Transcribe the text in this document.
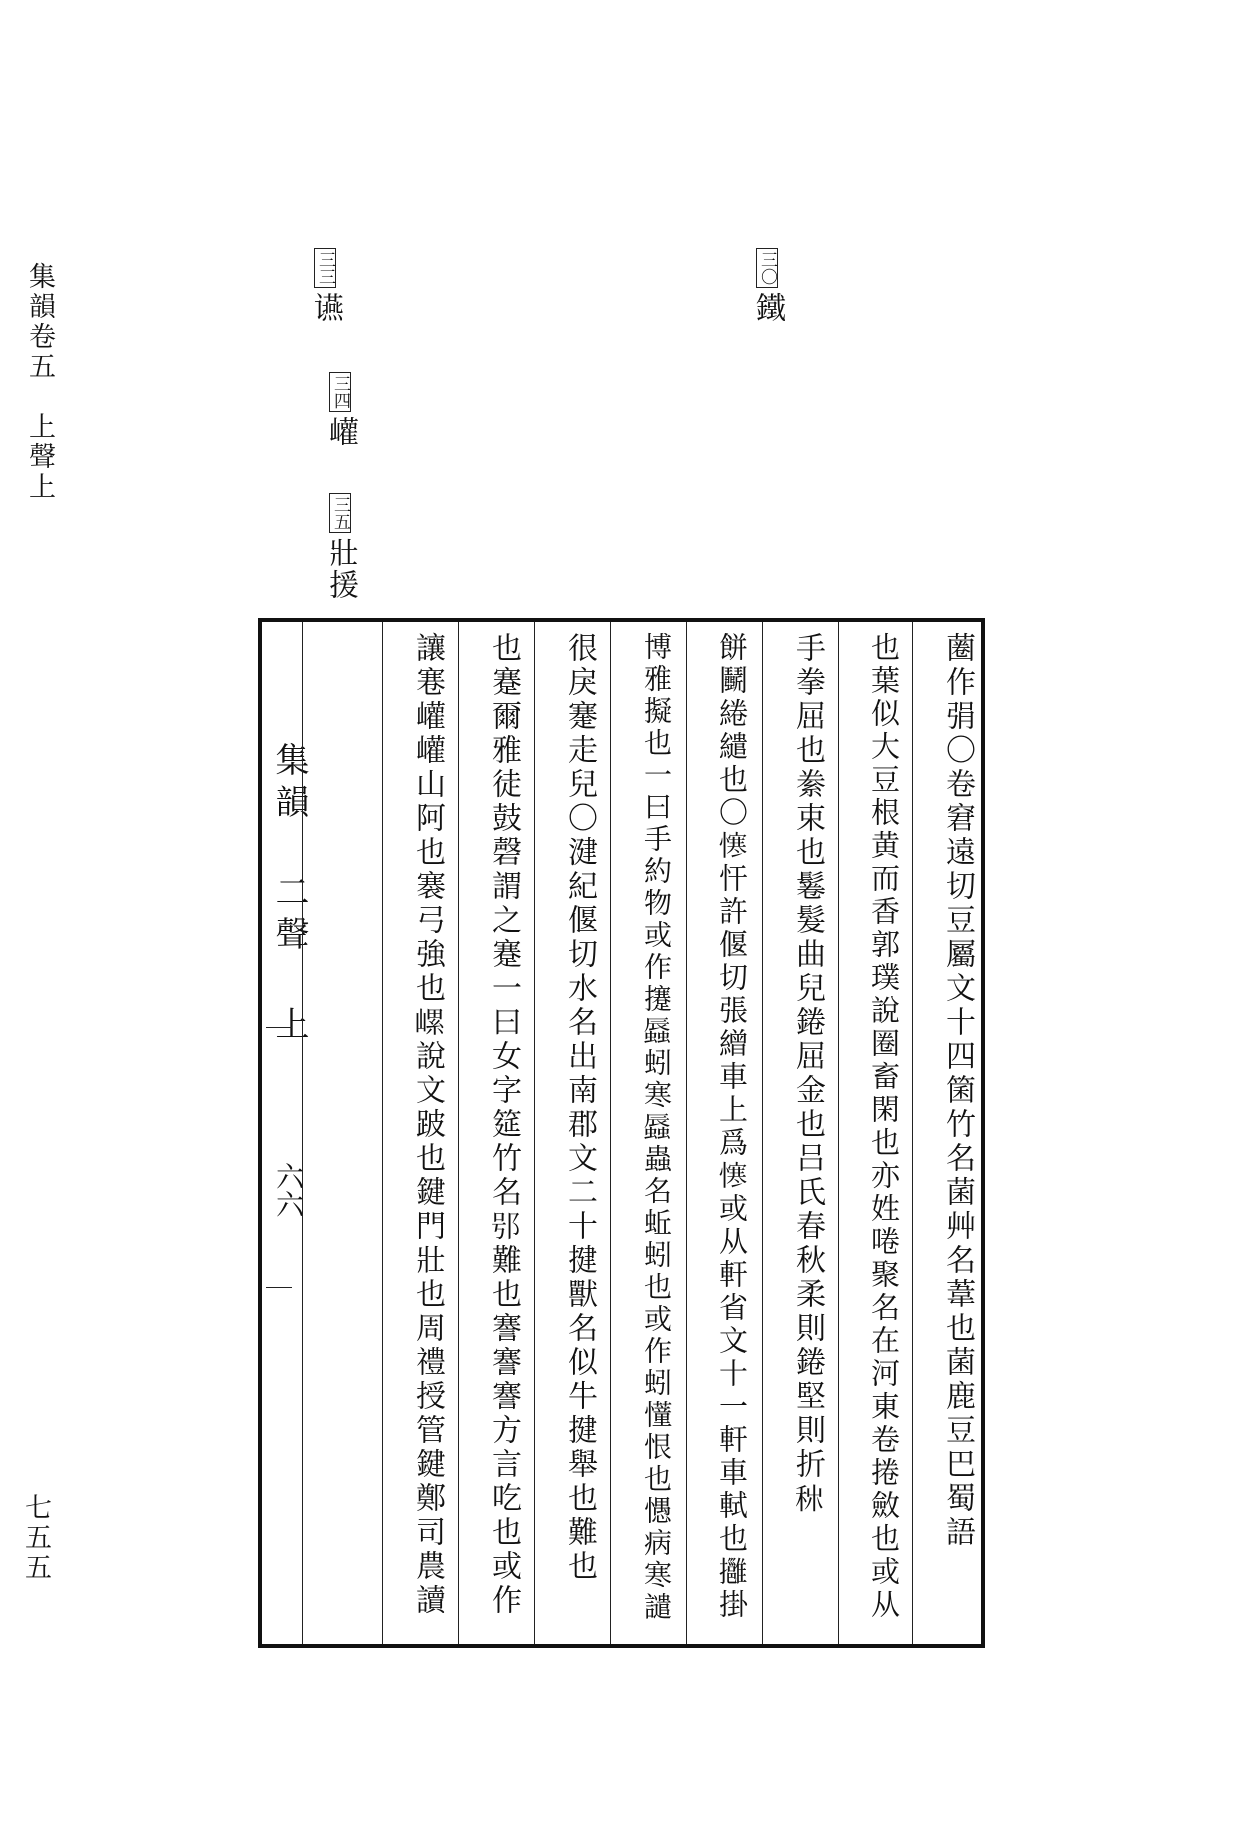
集韻卷五　上聲上
七五五
三〇鐵
三三䜩
三四巏
三五壯援
集韻 二聲 上
六六	蔨作弲〇卷窘遠切豆屬文十四箘竹名菌艸名葦也菌鹿豆巴蜀語
也葉似大豆根黄而香郭璞說圈畜閑也亦姓啳聚名在河東卷捲斂也或从
手拳屈也絭束也鬈髮曲兒錈屈金也吕氏春秋柔則錈堅則折𥞕
餅鬭綣繾也〇𢢈忓許偃切張繒車上爲𢢈或从軒省文十一軒車軾也𢹬掛
博雅擬也一曰手約物或作攓𧒏蚓寒𧒏蟲名蚯蚓也或作蚓𢤦恨也㦙病寒譴
很戾䞿走兒〇湕紀偃切水名出南郡文二十揵獸名似牛揵舉也難也
也蹇爾雅徒鼓磬謂之蹇一曰女字筵竹名𨚙難也謇謇謇方言吃也或作
讓寋巏巏山阿也褰弓強也𡻱說文跛也鍵門壯也周禮授管鍵鄭司農讀
